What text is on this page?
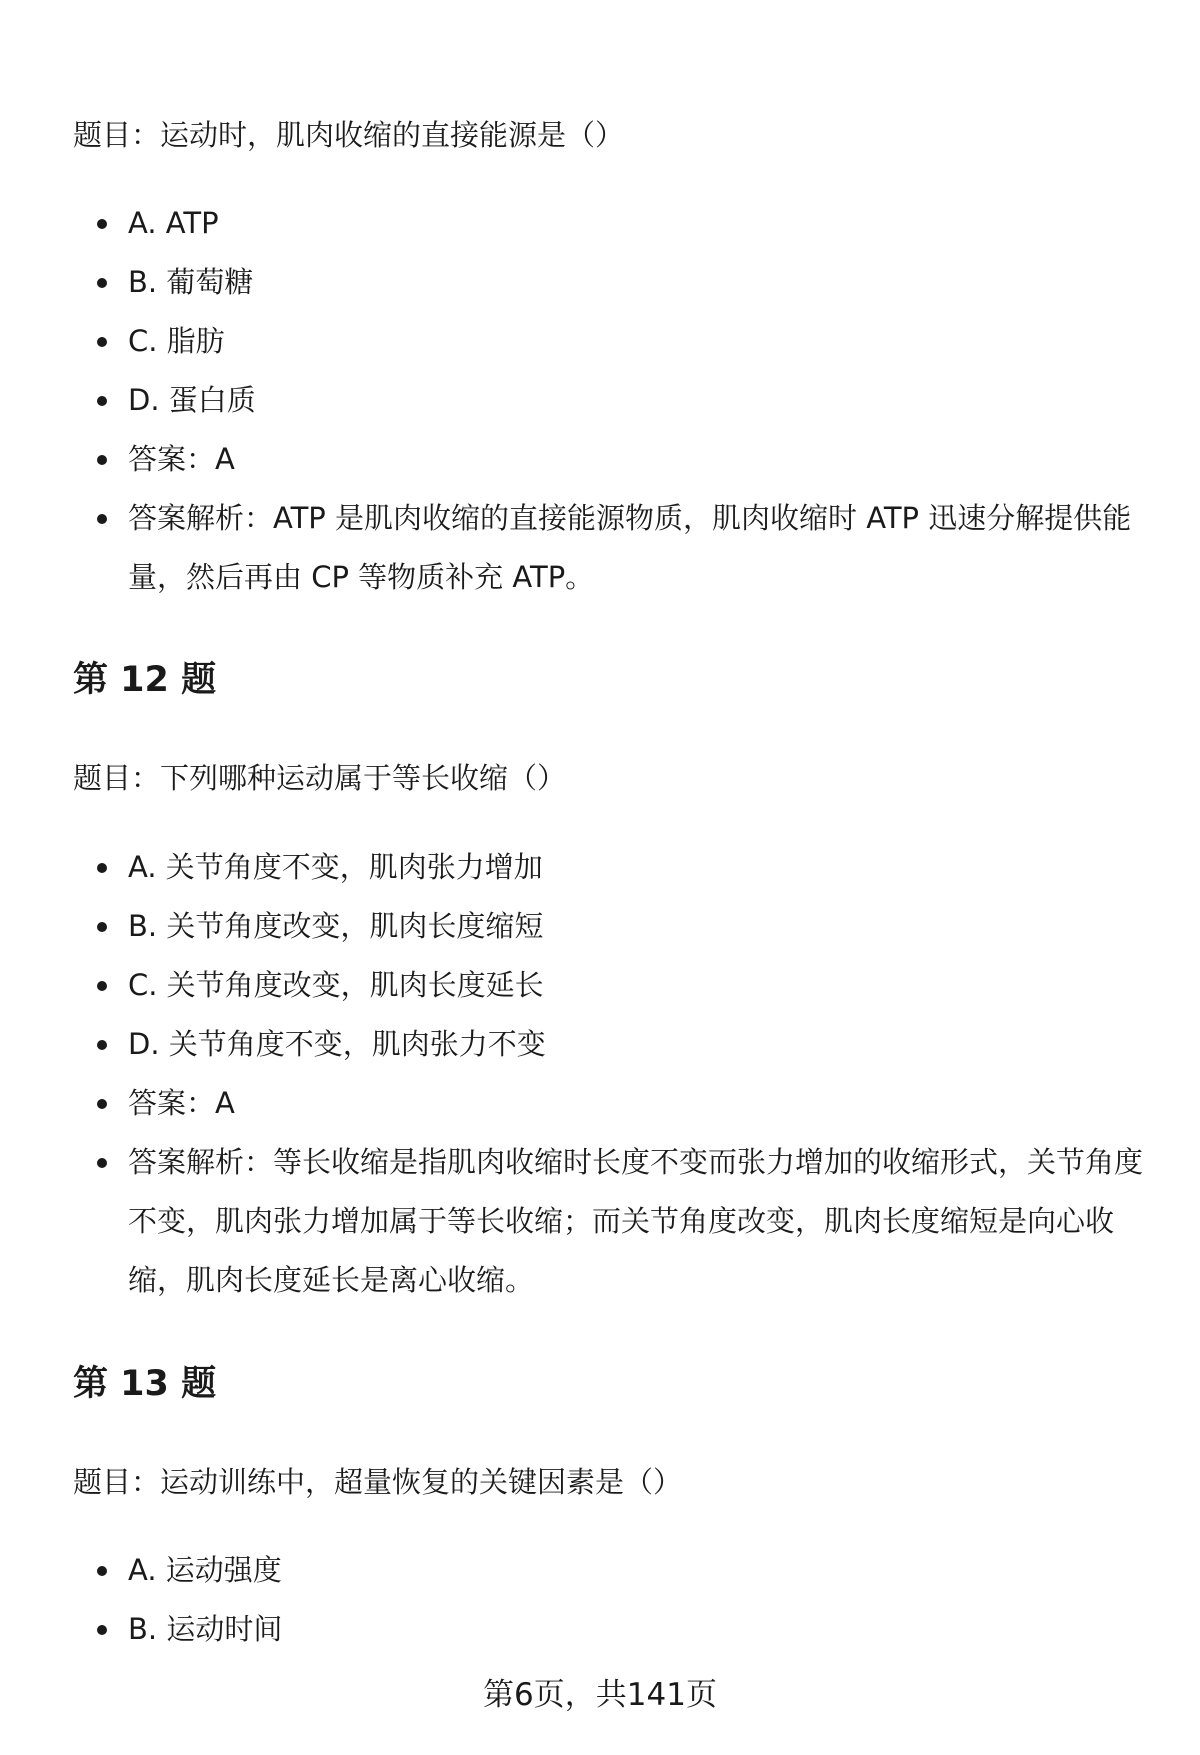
题目：运动时，肌肉收缩的直接能源是（）

A. ATP
B. 葡萄糖
C. 脂肪
D. 蛋白质
答案：A
答案解析：ATP 是肌肉收缩的直接能源物质，肌肉收缩时 ATP 迅速分解提供能量，然后再由 CP 等物质补充 ATP。
第 12 题

题目：下列哪种运动属于等长收缩（）

A. 关节角度不变，肌肉张力增加
B. 关节角度改变，肌肉长度缩短
C. 关节角度改变，肌肉长度延长
D. 关节角度不变，肌肉张力不变
答案：A
答案解析：等长收缩是指肌肉收缩时长度不变而张力增加的收缩形式，关节角度不变，肌肉张力增加属于等长收缩；而关节角度改变，肌肉长度缩短是向心收缩，肌肉长度延长是离心收缩。
第 13 题

题目：运动训练中，超量恢复的关键因素是（）

A. 运动强度
B. 运动时间
第6页，共141页
